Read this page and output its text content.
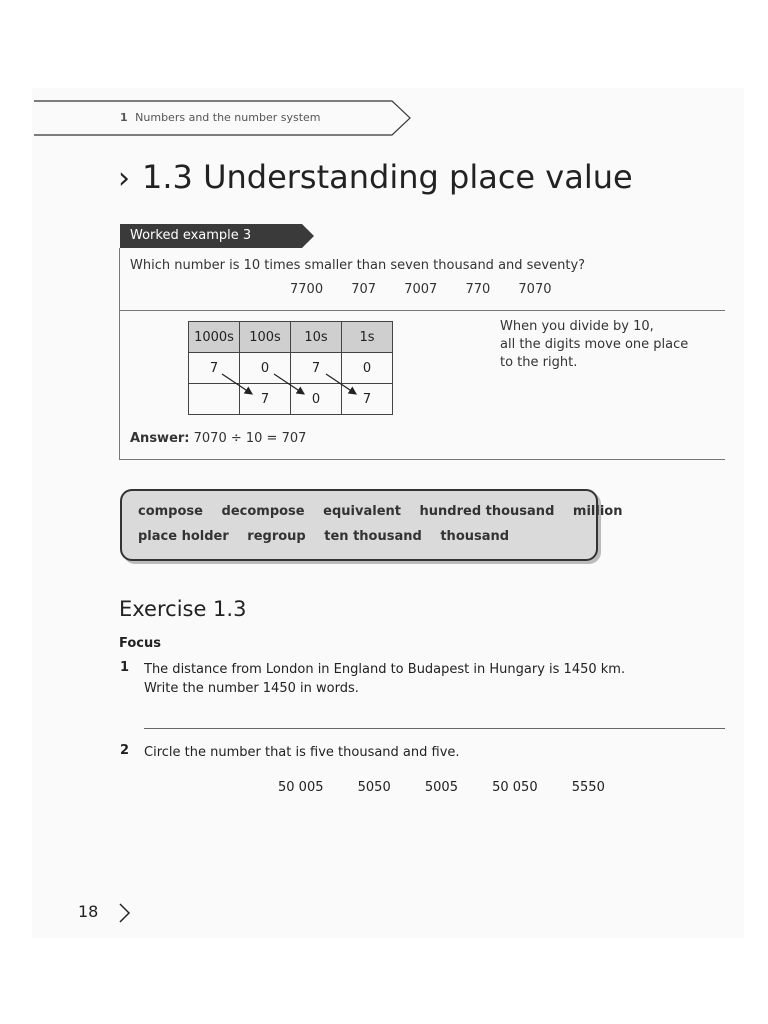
1 Numbers and the number system
› 1.3 Understanding place value
Worked example 3
Which number is 10 times smaller than seven thousand and seventy?
7700 707 7007 770 7070
1000s	100s	10s	1s
7	0	7	0
	7	0	7
When you divide by 10,
all the digits move one place
to the right.
Answer: 7070 ÷ 10 = 707
compose decompose equivalent hundred thousand million
place holder regroup ten thousand thousand
Exercise 1.3
Focus
1 The distance from London in England to Budapest in Hungary is 1450 km.
Write the number 1450 in words.
2 Circle the number that is five thousand and five.
50 005	5050	5005	50 050	5550
18
